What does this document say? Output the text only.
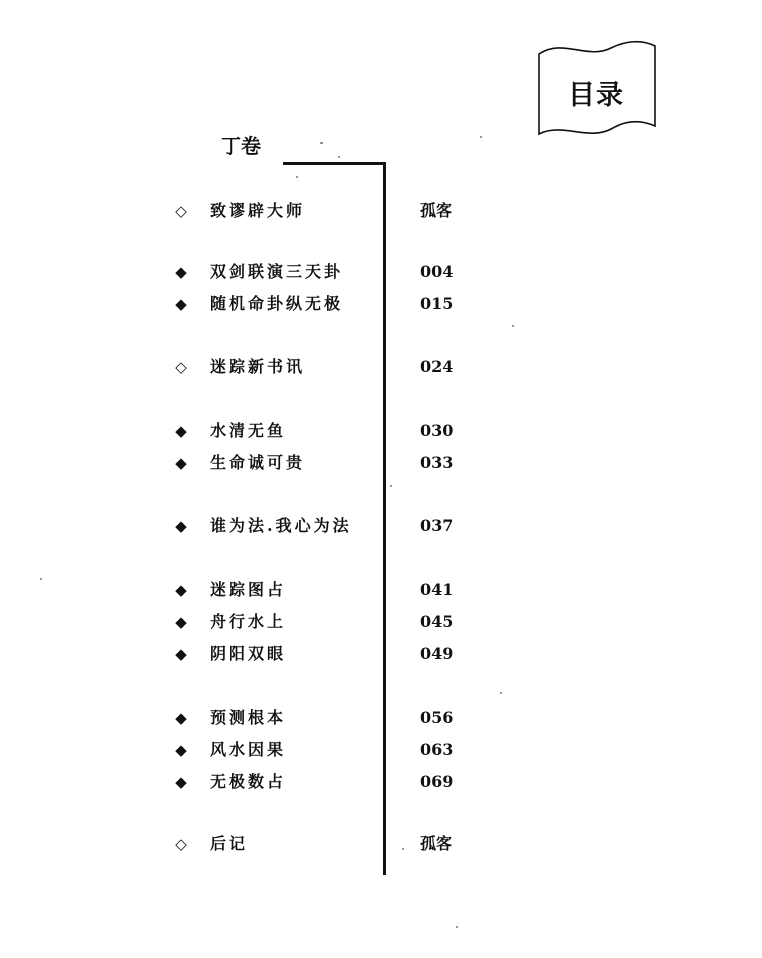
目录
丁卷
◇ 致谬辟大师	孤客
◆ 双剑联演三天卦	004
◆ 随机命卦纵无极	015
◇ 迷踪新书讯	024
◆ 水清无鱼	030
◆ 生命诚可贵	033
◆ 谁为法.我心为法	037
◆ 迷踪图占	041
◆ 舟行水上	045
◆ 阴阳双眼	049
◆ 预测根本	056
◆ 风水因果	063
◆ 无极数占	069
◇ 后记	孤客
